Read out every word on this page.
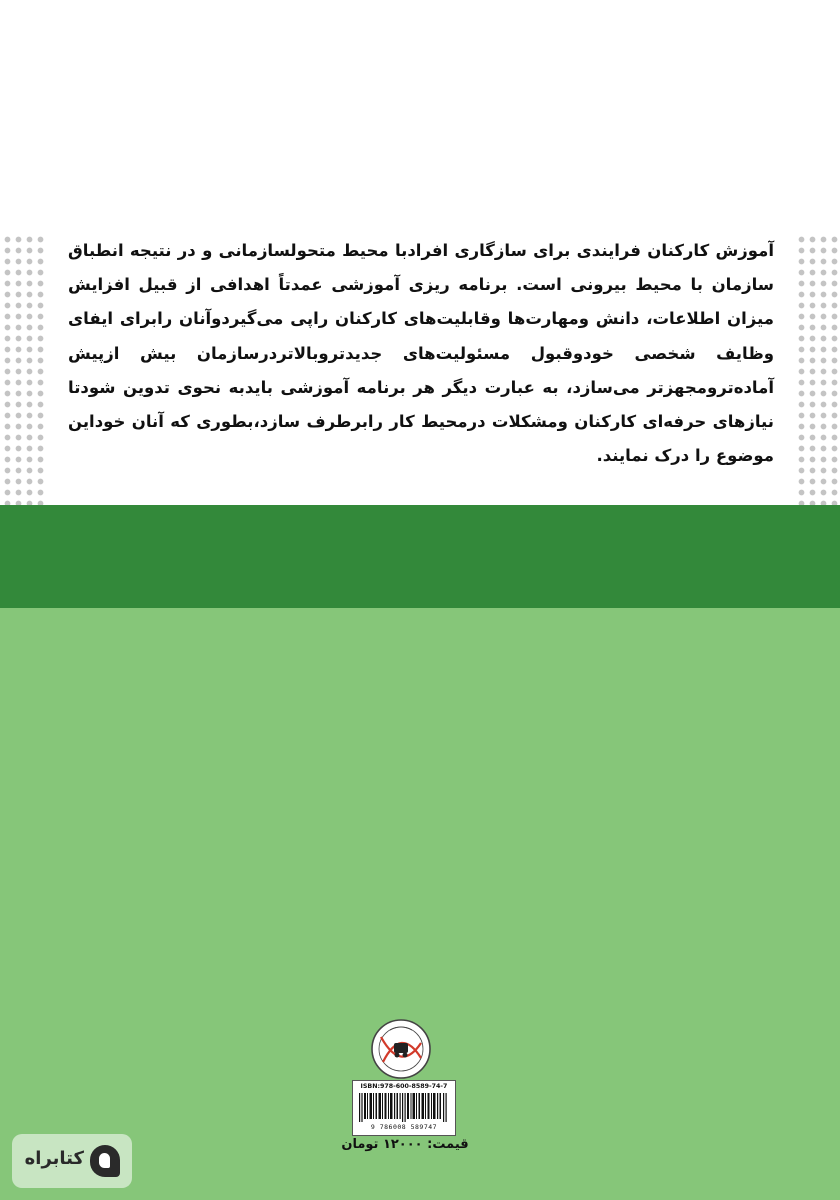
آموزش کارکنان فرایندی برای سازگاری افرادبا محیط متحولسازمانی و در نتیجه انطباق سازمان با محیط بیرونی است. برنامه ریزی آموزشی عمدتاً اهدافی از قبیل افزایش میزان اطلاعات، دانش ومهارت‌ها وقابلیت‌های کارکنان راپی می‌گیردوآنان رابرای ایفای وظایف شخصی خودوقبول مسئولیت‌های جدیدتروبالاتردرسازمان بیش ازپیش آماده‌ترومجهزتر می‌سازد، به عبارت دیگر هر برنامه آموزشی بایدبه نحوی تدوین شودتا نیازهای حرفه‌ای کارکنان ومشکلات درمحیط کار رابرطرف سازد،بطوری که آنان خوداین موضوع را درک نمایند.

ISBN:978-600-8589-74-7
9 786008 589747
قیمت: ۱۲۰۰۰ تومان
کتابراه
